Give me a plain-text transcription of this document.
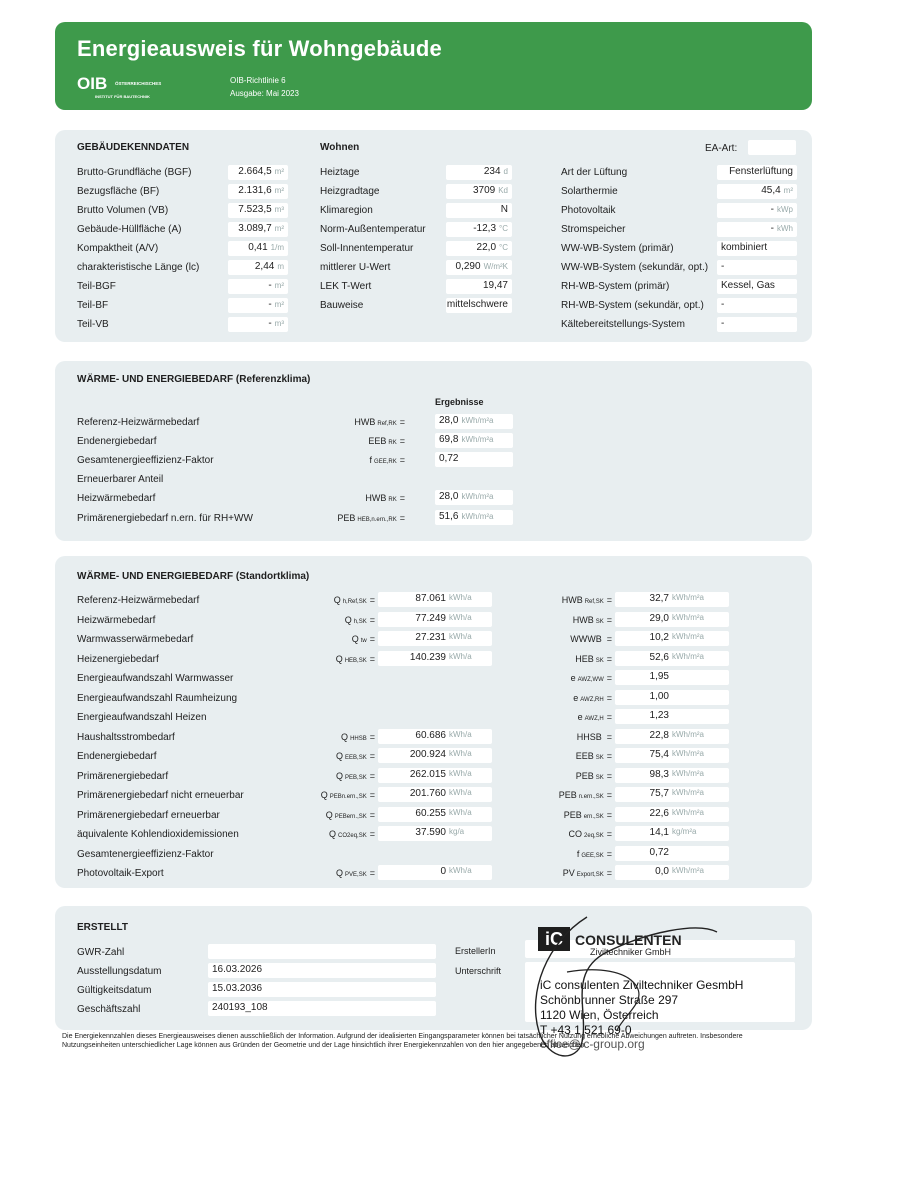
Energieausweis für Wohngebäude
OIB ÖSTERREICHISCHES
INSTITUT FÜR BAUTECHNIK
OIB-Richtlinie 6
Ausgabe: Mai 2023
GEBÄUDEKENNDATEN	Wohnen	EA-Art:
Brutto-Grundfläche (BGF)	2.664,5 m²
Bezugsfläche (BF)	2.131,6 m²
Brutto Volumen (VB)	7.523,5 m³
Gebäude-Hüllfläche (A)	3.089,7 m²
Kompaktheit (A/V)	0,41 1/m
charakteristische Länge (lc)	2,44 m
Teil-BGF	- m²
Teil-BF	- m²
Teil-VB	- m³
Heiztage	234 d
Heizgradtage	3709 Kd
Klimaregion	N
Norm-Außentemperatur	-12,3 °C
Soll-Innentemperatur	22,0 °C
mittlerer U-Wert	0,290 W/m²K
LEK T-Wert	19,47
Bauweise	mittelschwere
Art der Lüftung	Fensterlüftung
Solarthermie	45,4 m²
Photovoltaik	- kWp
Stromspeicher	- kWh
WW-WB-System (primär)	kombiniert
WW-WB-System (sekundär, opt.) -
RH-WB-System (primär)	Kessel, Gas
RH-WB-System (sekundär, opt.) -
Kältebereitstellungs-System	-
WÄRME- UND ENERGIEBEDARF (Referenzklima)
Ergebnisse
Referenz-Heizwärmebedarf	HWB Ref,RK =	28,0 kWh/m²a
Endenergiebedarf	EEB RK =	69,8 kWh/m²a
Gesamtenergieeffizienz-Faktor	fGEE,RK =	0,72
Erneuerbarer Anteil
Heizwärmebedarf	HWB RK =	28,0 kWh/m²a
Primärenergiebedarf n.ern. für RH+WW	PEB HEB,n.ern.,RK =	51,6 kWh/m²a
WÄRME- UND ENERGIEBEDARF (Standortklima)
Referenz-Heizwärmebedarf	Qh,Ref,SK =	87.061 kWh/a	HWB Ref,SK =	32,7 kWh/m²a
Heizwärmebedarf	Qh,SK =	77.249 kWh/a	HWB SK =	29,0 kWh/m²a
Warmwasserwärmebedarf	Qtw =	27.231 kWh/a	WWWB =	10,2 kWh/m²a
Heizenergiebedarf	QHEB,SK =	140.239 kWh/a	HEB SK =	52,6 kWh/m²a
Energieaufwandszahl Warmwasser	eAWZ,WW =	1,95
Energieaufwandszahl Raumheizung	eAWZ,RH =	1,00
Energieaufwandszahl Heizen	eAWZ,H =	1,23
Haushaltsstrombedarf	QHHSB =	60.686 kWh/a	HHSB =	22,8 kWh/m²a
Endenergiebedarf	QEEB,SK =	200.924 kWh/a	EEB SK =	75,4 kWh/m²a
Primärenergiebedarf	QPEB,SK =	262.015 kWh/a	PEB SK =	98,3 kWh/m²a
Primärenergiebedarf nicht erneuerbar	Q PEBn.ern.,SK =	201.760 kWh/a	PEB n.ern.,SK =	75,7 kWh/m²a
Primärenergiebedarf erneuerbar	Q PEBern.,SK =	60.255 kWh/a	PEB ern.,SK =	22,6 kWh/m²a
äquivalente Kohlendioxidemissionen	QCO2eq,SK =	37.590 kg/a	CO 2eq,SK =	14,1 kg/m²a
Gesamtenergieeffizienz-Faktor	fGEE,SK =	0,72
Photovoltaik-Export	QPVE,SK =	0 kWh/a	PV Export,SK =	0,0 kWh/m²a
ERSTELLT
GWR-Zahl
Ausstellungsdatum	16.03.2026
Gültigkeitsdatum	15.03.2036
Geschäftszahl	240193_108
ErstellerIn
Unterschrift
iC CONSULENTEN
Ziviltechniker GmbH
iC consulenten Ziviltechniker GesmbH
Schönbrunner Straße 297
1120 Wien, Österreich
T +43 1 521 69-0
office@ic-group.org
Die Energiekennzahlen dieses Energieausweises dienen ausschließlich der Information. Aufgrund der idealisierten Eingangsparameter können bei tatsächlicher Nutzung erhebliche Abweichungen auftreten. Insbesondere Nutzungseinheiten unterschiedlicher Lage können aus Gründen der Geometrie und der Lage hinsichtlich ihrer Energiekennzahlen von den hier angegebenen abweichen.
